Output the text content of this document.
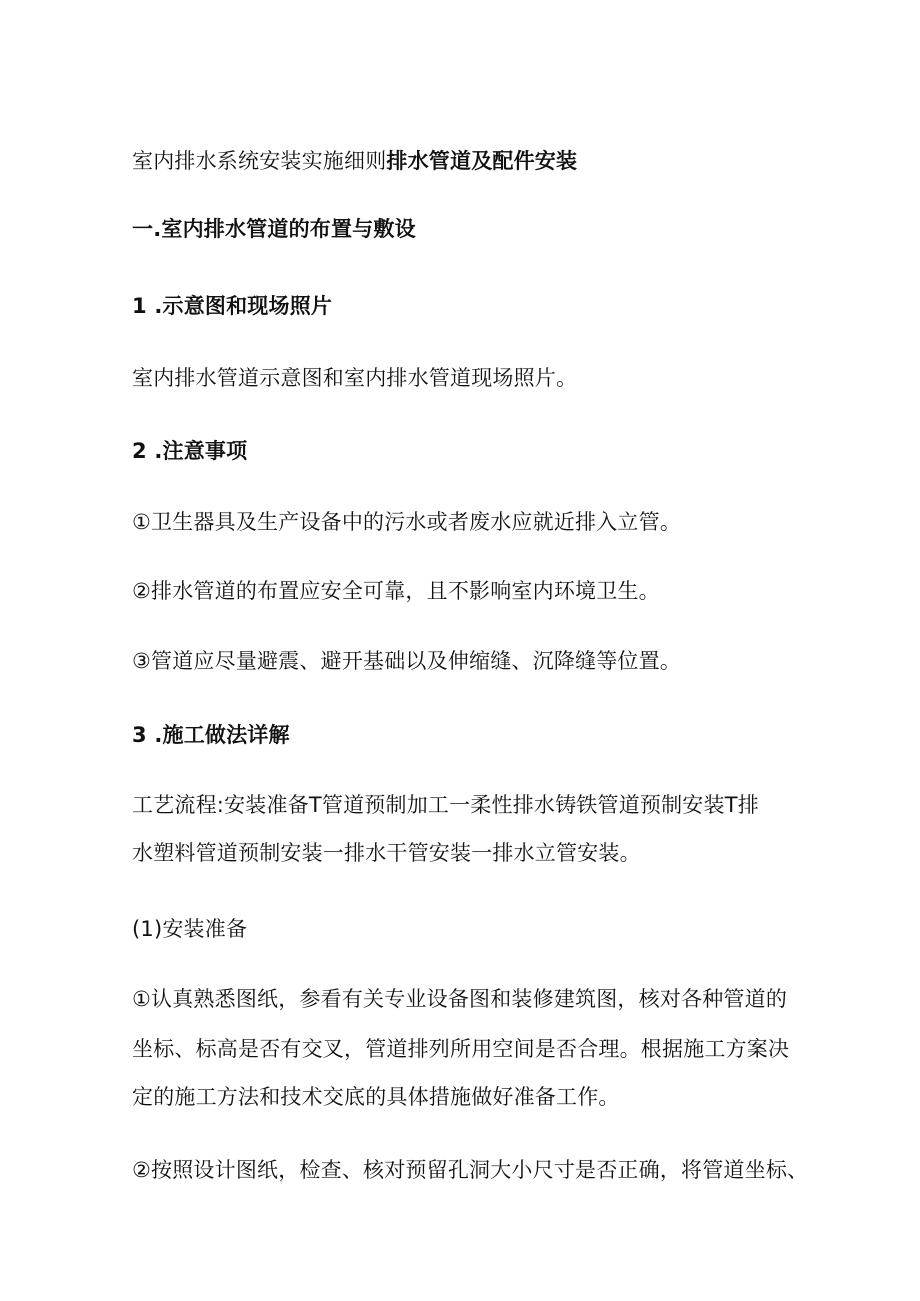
室内排水系统安装实施细则排水管道及配件安装
一.室内排水管道的布置与敷设
1 .示意图和现场照片
室内排水管道示意图和室内排水管道现场照片。
2 .注意事项
①卫生器具及生产设备中的污水或者废水应就近排入立管。
②排水管道的布置应安全可靠，且不影响室内环境卫生。
③管道应尽量避震、避开基础以及伸缩缝、沉降缝等位置。
3 .施工做法详解
工艺流程:安装准备T管道预制加工一柔性排水铸铁管道预制安装T排
水塑料管道预制安装一排水干管安装一排水立管安装。
(1)安装准备
①认真熟悉图纸，参看有关专业设备图和装修建筑图，核对各种管道的
坐标、标高是否有交叉，管道排列所用空间是否合理。根据施工方案决
定的施工方法和技术交底的具体措施做好准备工作。
②按照设计图纸，检查、核对预留孔洞大小尺寸是否正确，将管道坐标、
